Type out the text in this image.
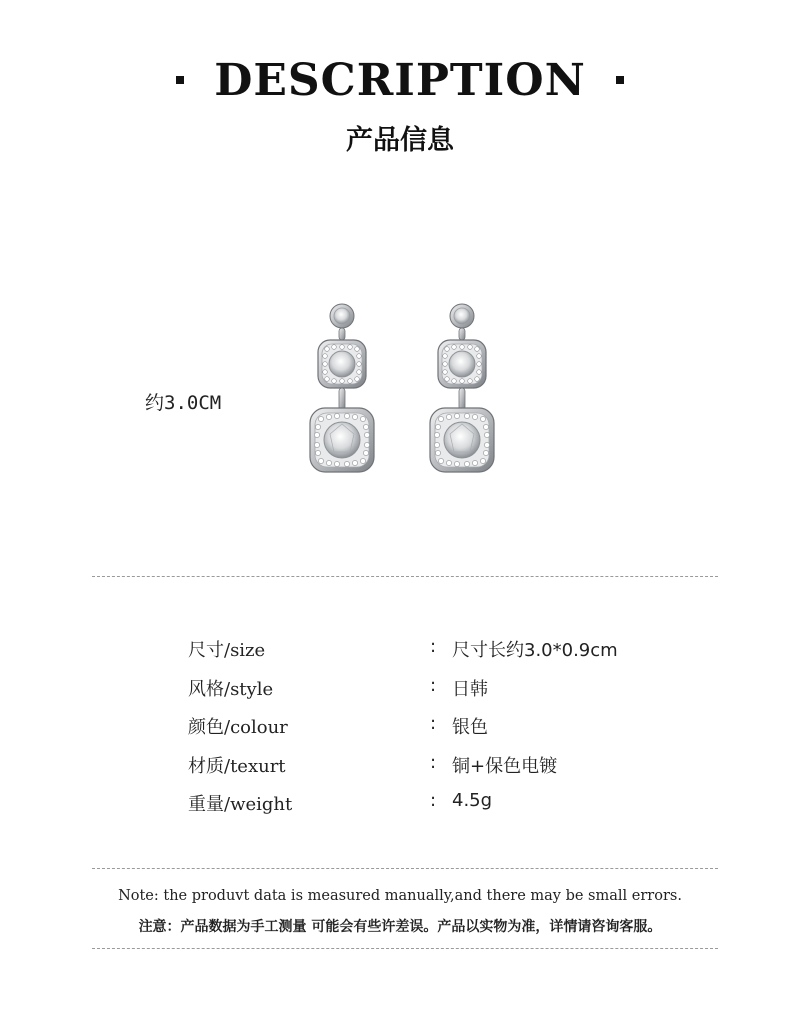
DESCRIPTION
产品信息
约3.0CM
尺寸/size	: 尺寸长约3.0*0.9cm
风格/style	: 日韩
颜色/colour	: 银色
材质/texurt	: 铜+保色电镀
重量/weight	: 4.5g
Note: the produvt data is measured manually,and there may be small errors.
注意：产品数据为手工测量 可能会有些许差误。产品以实物为准，详情请咨询客服。
